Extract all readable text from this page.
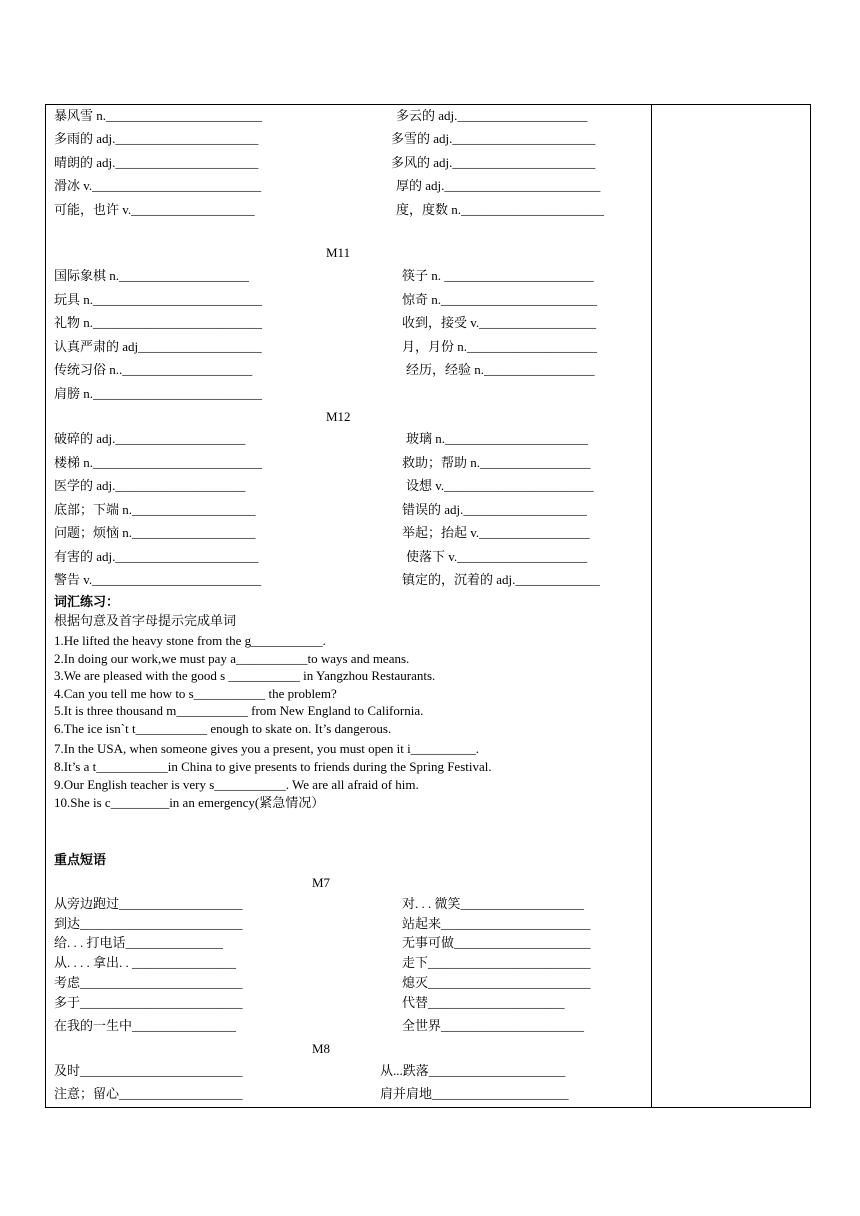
暴风雪 n.________________________
多雨的 adj.______________________
晴朗的 adj.______________________
滑冰 v.__________________________
可能，也许 v.___________________
多云的 adj.____________________
多雪的 adj.______________________
多风的 adj.______________________
厚的 adj.________________________
度，度数 n.______________________
M11
国际象棋 n.____________________
玩具 n.__________________________
礼物 n.__________________________
认真严肃的 adj___________________
传统习俗 n..____________________
肩膀 n.__________________________
筷子 n. _______________________
惊奇 n.________________________
收到，接受 v.__________________
月，月份 n.____________________
经历，经验 n._________________
M12
破碎的 adj.____________________
楼梯 n.__________________________
医学的 adj.____________________
底部；下端 n.___________________
问题；烦恼 n.___________________
有害的 adj.______________________
警告 v.__________________________
玻璃 n.______________________
救助；帮助 n._________________
设想 v._______________________
错误的 adj.___________________
举起；抬起 v._________________
使落下 v.____________________
镇定的，沉着的 adj._____________
词汇练习：
根据句意及首字母提示完成单词
1.He lifted the heavy stone from the g___________.
2.In doing our work,we must pay a___________to ways and means.
3.We are pleased with the good s ___________ in Yangzhou Restaurants.
4.Can you tell me how to s___________ the problem?
5.It is three thousand m___________ from New England to California.
6.The ice isn`t t___________ enough to skate on. It’s dangerous.
7.In the USA, when someone gives you a present, you must open it i__________.
8.It’s a t___________in China to give presents to friends during the Spring Festival.
9.Our English teacher is very s___________. We are all afraid of him.
10.She is c_________in an emergency(紧急情况）
重点短语
M7
从旁边跑过___________________
到达_________________________
给. . . 打电话_______________
从. . . . 拿出. . ________________
考虑_________________________
多于_________________________
在我的一生中________________
对. . . 微笑___________________
站起来_______________________
无事可做_____________________
走下_________________________
熄灭_________________________
代替_____________________
全世界______________________
M8
及时_________________________
注意；留心___________________
从...跌落_____________________
肩并肩地_____________________
